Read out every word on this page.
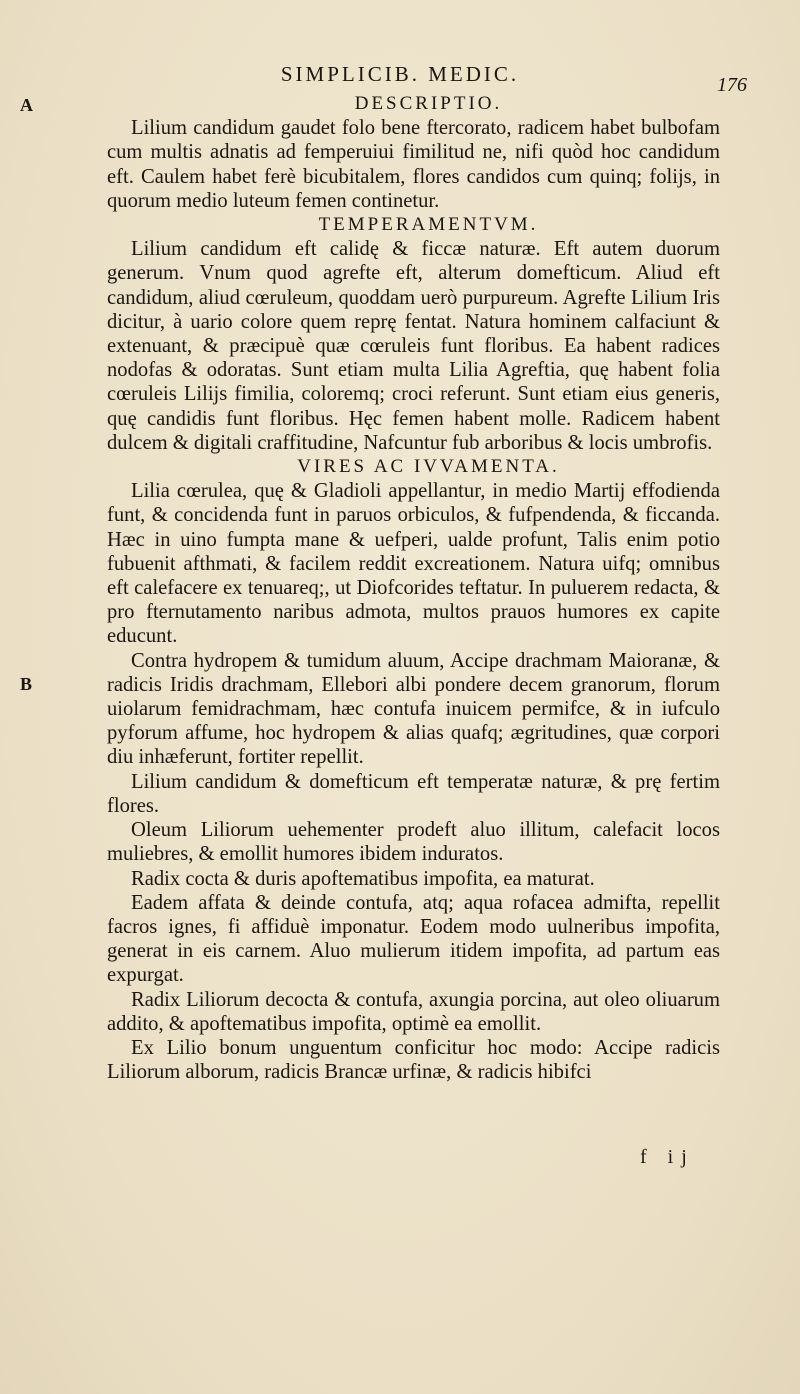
SIMPLICIB. MEDIC.	176
A
B

DESCRIPTIO.

Lilium candidum gaudet folo bene ftercorato, radicem habet bulbofam cum multis adnatis ad femperuiui fimilitud ne, nifi quòd hoc candidum eft. Caulem habet ferè bicubitalem, flores candidos cum quinq; folijs, in quorum medio luteum femen continetur.

TEMPERAMENTVM.

Lilium candidum eft calidę & ficcæ naturæ. Eft autem duorum generum. Vnum quod agrefte eft, alterum domefticum. Aliud eft candidum, aliud cœruleum, quoddam uerò purpureum. Agrefte Lilium Iris dicitur, à uario colore quem reprę fentat. Natura hominem calfaciunt & extenuant, & præcipuè quæ cœruleis funt floribus. Ea habent radices nodofas & odoratas. Sunt etiam multa Lilia Agreftia, quę habent folia cœruleis Lilijs fimilia, coloremq; croci referunt. Sunt etiam eius generis, quę candidis funt floribus. Hęc femen habent molle. Radicem habent dulcem & digitali craffitudine, Nafcuntur fub arboribus & locis umbrofis.

VIRES AC IVVAMENTA.

Lilia cœrulea, quę & Gladioli appellantur, in medio Martij effodienda funt, & concidenda funt in paruos orbiculos, & fufpendenda, & ficcanda. Hæc in uino fumpta mane & uefperi, ualde profunt, Talis enim potio fubuenit afthmati, & facilem reddit excreationem. Natura uifq; omnibus eft calefacere ex tenuareq;, ut Diofcorides teftatur. In puluerem redacta, & pro fternutamento naribus admota, multos prauos humores ex capite educunt.

Contra hydropem & tumidum aluum, Accipe drachmam Maioranæ, & radicis Iridis drachmam, Ellebori albi pondere decem granorum, florum uiolarum femidrachmam, hæc contufa inuicem permifce, & in iufculo pyforum affume, hoc hydropem & alias quafq; ægritudines, quæ corpori diu inhæferunt, fortiter repellit.

Lilium candidum & domefticum eft temperatæ naturæ, & prę fertim flores.

Oleum Liliorum uehementer prodeft aluo illitum, calefacit locos muliebres, & emollit humores ibidem induratos.

Radix cocta & duris apoftematibus impofita, ea maturat.

Eadem affata & deinde contufa, atq; aqua rofacea admifta, repellit facros ignes, fi affiduè imponatur. Eodem modo uulneribus impofita, generat in eis carnem. Aluo mulierum itidem impofita, ad partum eas expurgat.

Radix Liliorum decocta & contufa, axungia porcina, aut oleo oliuarum addito, & apoftematibus impofita, optimè ea emollit.

Ex Lilio bonum unguentum conficitur hoc modo: Accipe radicis Liliorum alborum, radicis Brancæ urfinæ, & radicis hibifci

f ij
